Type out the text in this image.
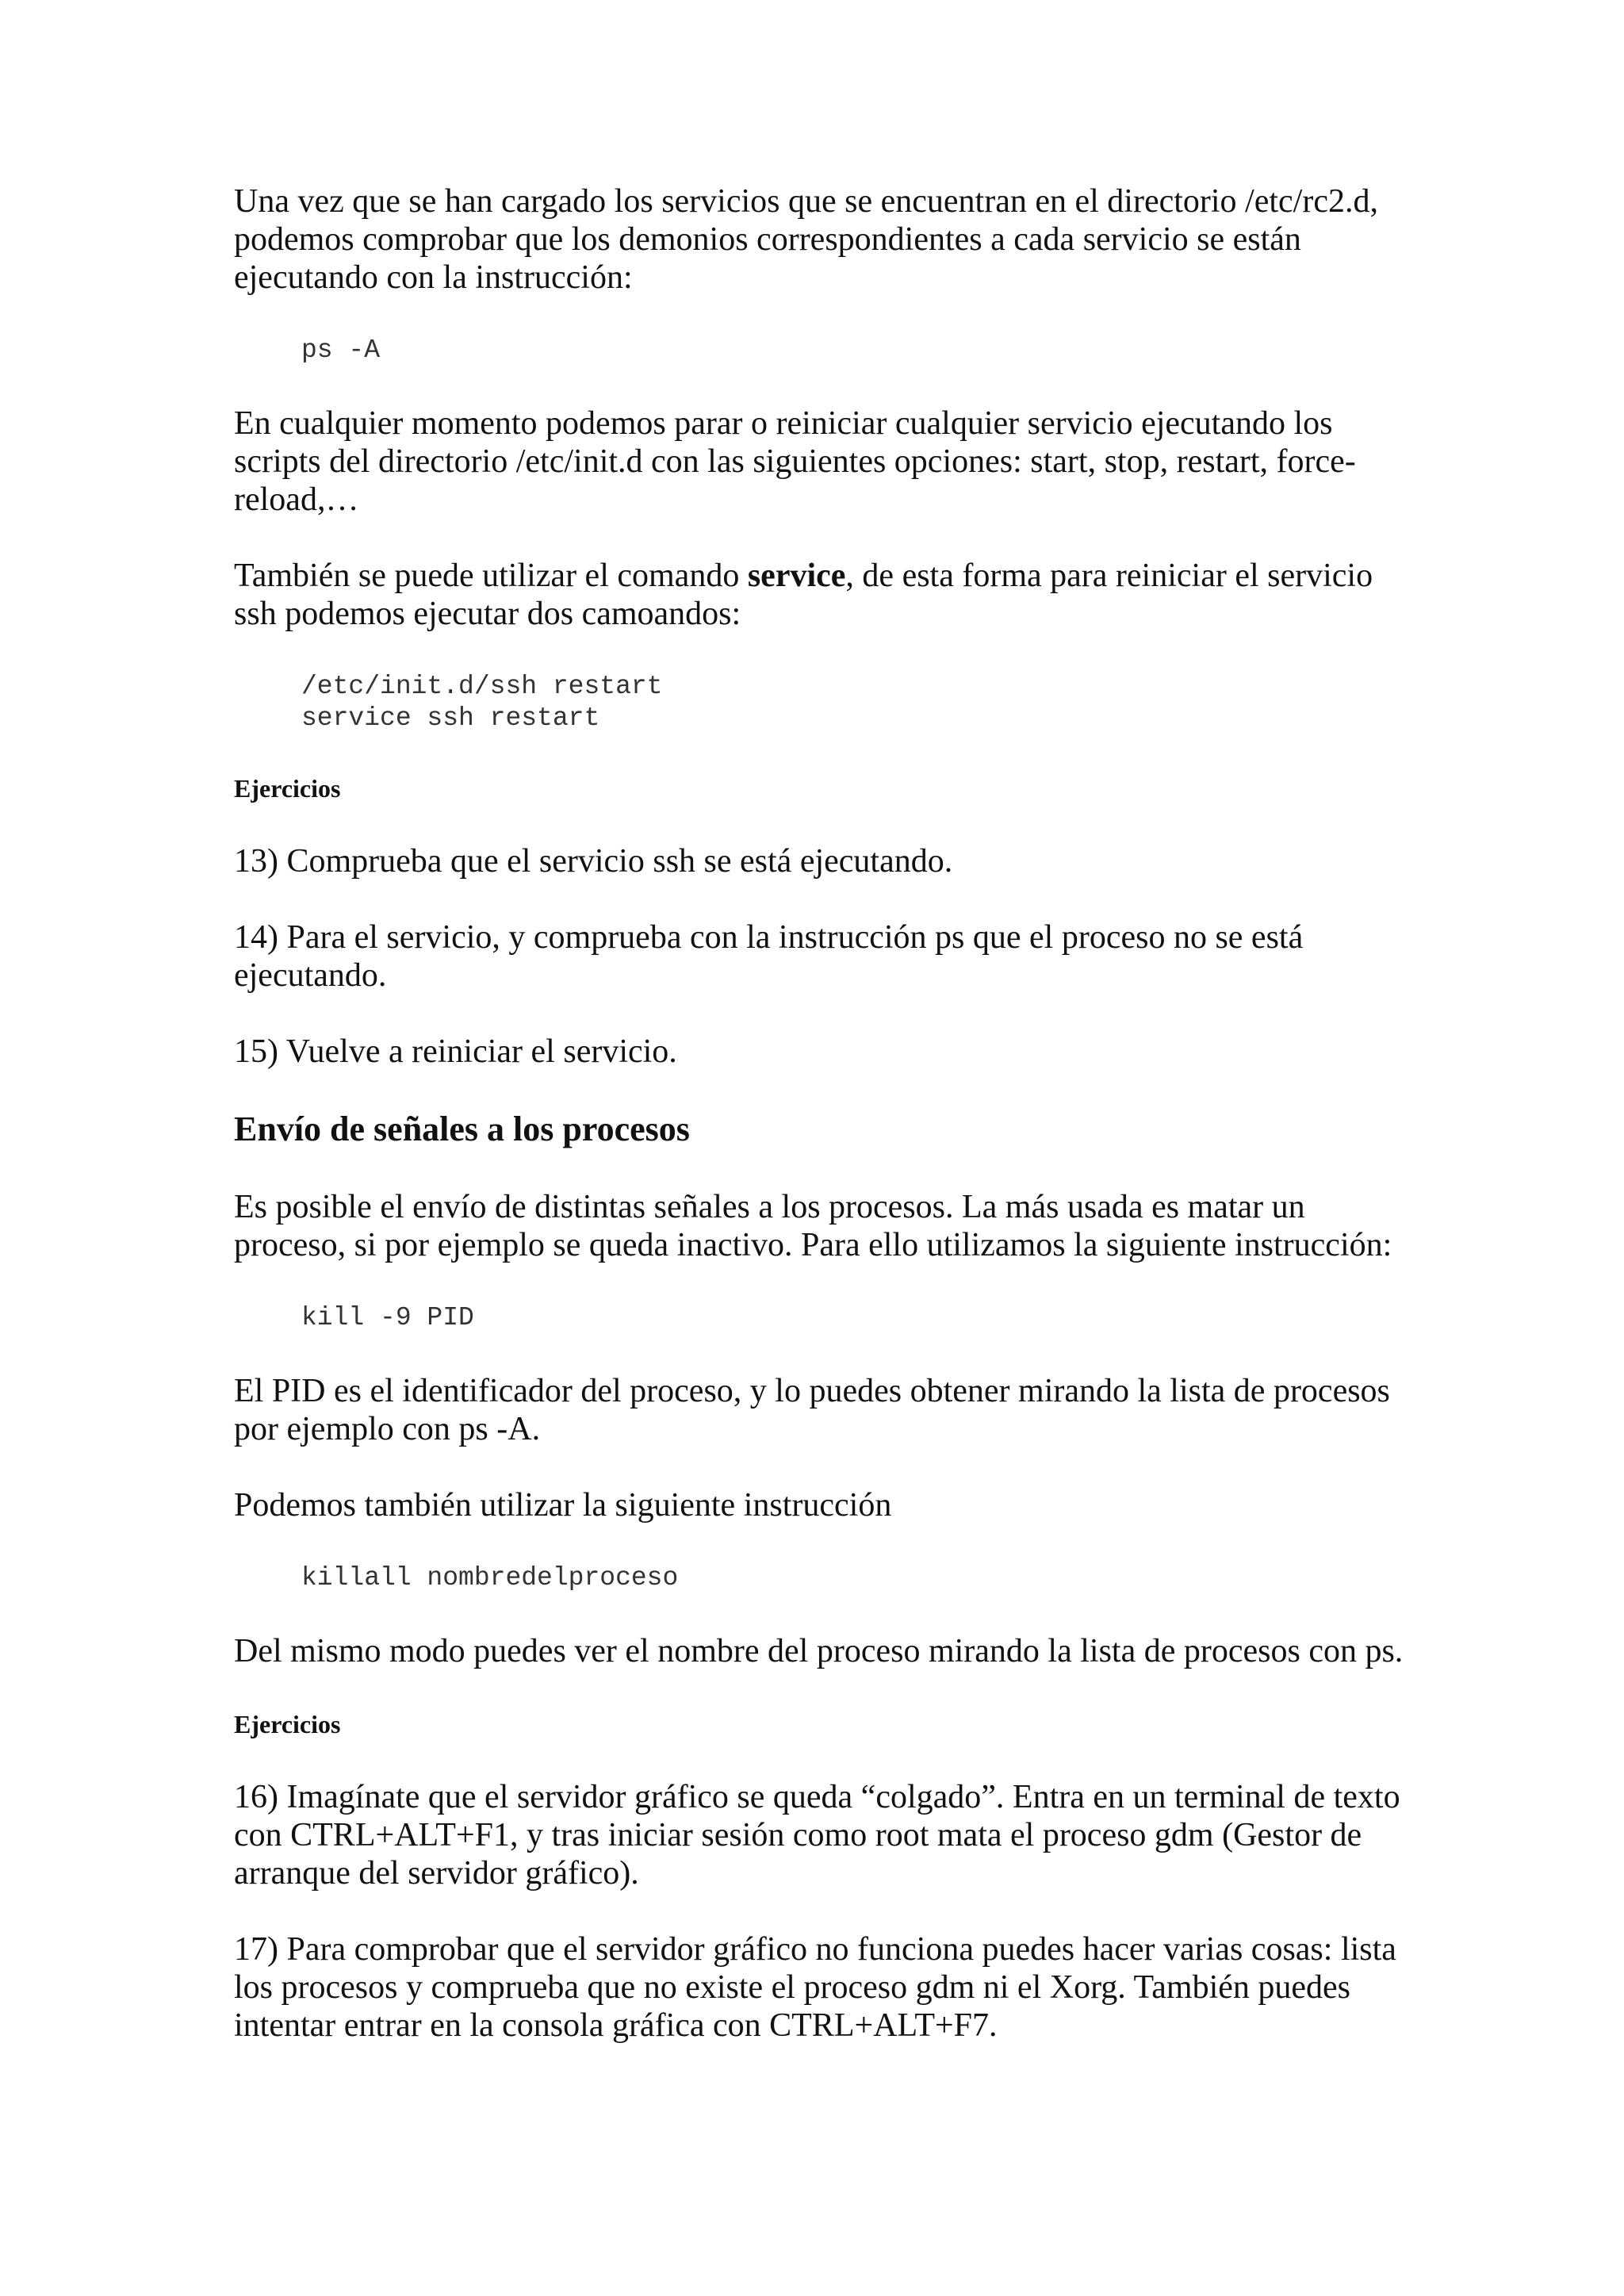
Una vez que se han cargado los servicios que se encuentran en el directorio /etc/rc2.d, podemos comprobar que los demonios correspondientes a cada servicio se están ejecutando con la instrucción:

ps -A

En cualquier momento podemos parar o reiniciar cualquier servicio ejecutando los scripts del directorio /etc/init.d con las siguientes opciones: start, stop, restart, force-reload,…

También se puede utilizar el comando service, de esta forma para reiniciar el servicio ssh podemos ejecutar dos camoandos:

/etc/init.d/ssh restart
service ssh restart
Ejercicios

13) Comprueba que el servicio ssh se está ejecutando.

14) Para el servicio, y comprueba con la instrucción ps que el proceso no se está ejecutando.

15) Vuelve a reiniciar el servicio.

Envío de señales a los procesos

Es posible el envío de distintas señales a los procesos. La más usada es matar un proceso, si por ejemplo se queda inactivo. Para ello utilizamos la siguiente instrucción:

kill -9 PID

El PID es el identificador del proceso, y lo puedes obtener mirando la lista de procesos por ejemplo con ps -A.

Podemos también utilizar la siguiente instrucción

killall nombredelproceso

Del mismo modo puedes ver el nombre del proceso mirando la lista de procesos con ps.

Ejercicios

16) Imagínate que el servidor gráfico se queda “colgado”. Entra en un terminal de texto con CTRL+ALT+F1, y tras iniciar sesión como root mata el proceso gdm (Gestor de arranque del servidor gráfico).

17) Para comprobar que el servidor gráfico no funciona puedes hacer varias cosas: lista los procesos y comprueba que no existe el proceso gdm ni el Xorg. También puedes intentar entrar en la consola gráfica con CTRL+ALT+F7.
